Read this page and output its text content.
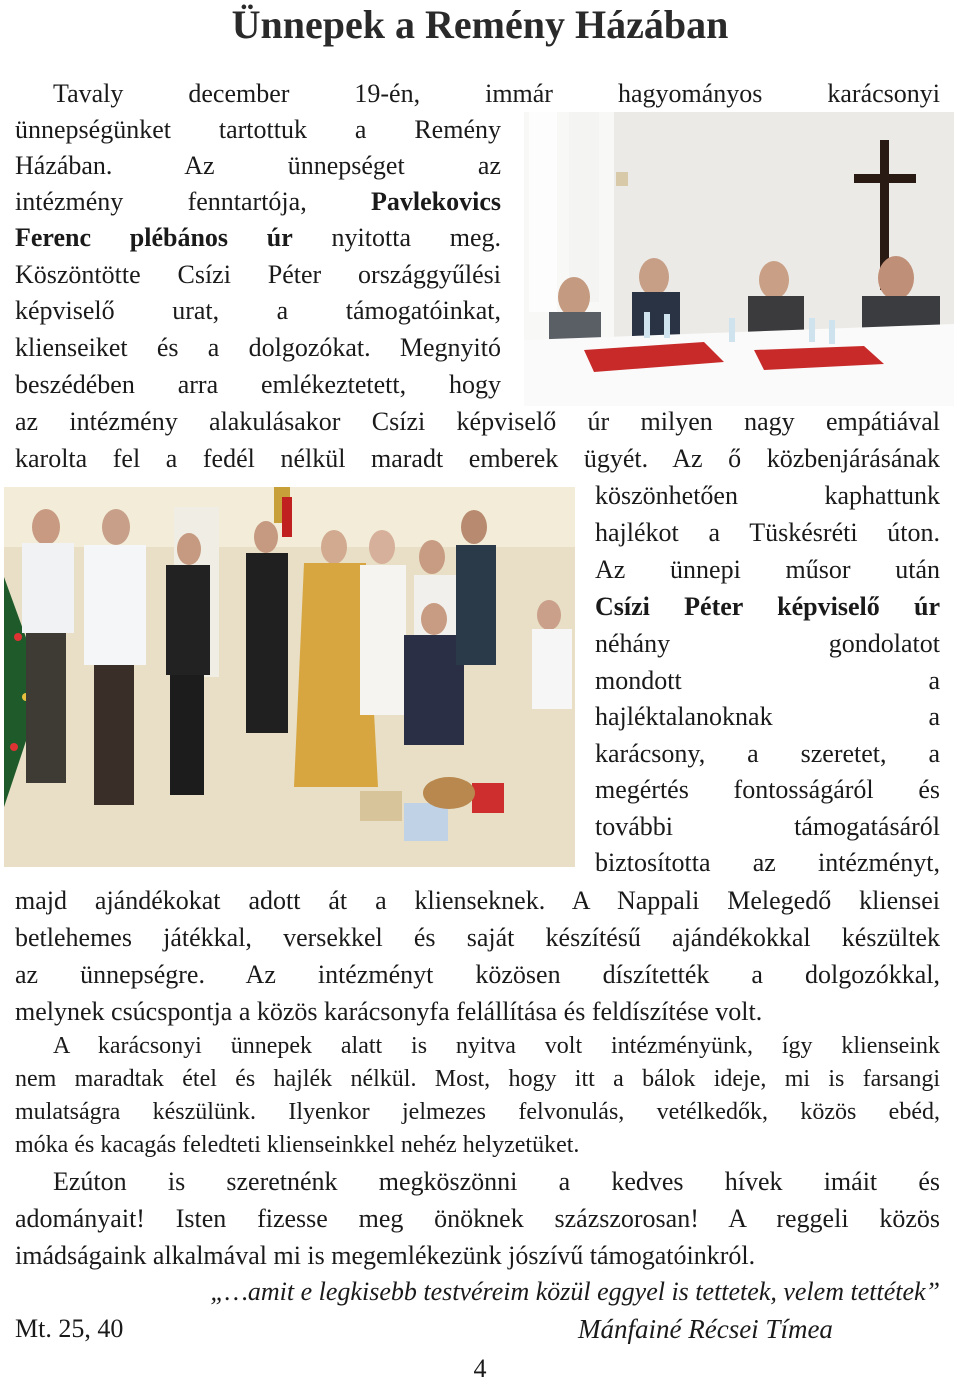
Ünnepek a Remény Házában
Tavaly december 19-én, immár hagyományos karácsonyi
ünnepségünket tartottuk a Remény
Házában. Az ünnepséget az
intézmény fenntartója, Pavlekovics
Ferenc plébános úr nyitotta meg.
Köszöntötte Csízi Péter országgyűlési
képviselő urat, a támogatóinkat,
klienseiket és a dolgozókat. Megnyitó
beszédében arra emlékeztetett, hogy
az intézmény alakulásakor Csízi képviselő úr milyen nagy empátiával
karolta fel a fedél nélkül maradt emberek ügyét. Az ő közbenjárásának
köszönhetően kaphattunk
hajlékot a Tüskésréti úton.
Az ünnepi műsor után
Csízi Péter képviselő úr
néhány gondolatot
mondott a
hajléktalanoknak a
karácsony, a szeretet, a
megértés fontosságáról és
további támogatásáról
biztosította az intézményt,
majd ajándékokat adott át a klienseknek. A Nappali Melegedő kliensei
betlehemes játékkal, versekkel és saját készítésű ajándékokkal készültek
az ünnepségre. Az intézményt közösen díszítették a dolgozókkal,
melynek csúcspontja a közös karácsonyfa felállítása és feldíszítése volt.
A karácsonyi ünnepek alatt is nyitva volt intézményünk, így klienseink
nem maradtak étel és hajlék nélkül. Most, hogy itt a bálok ideje, mi is farsangi
mulatságra készülünk. Ilyenkor jelmezes felvonulás, vetélkedők, közös ebéd,
móka és kacagás feledteti klienseinkkel nehéz helyzetüket.
Ezúton is szeretnénk megköszönni a kedves hívek imáit és
adományait! Isten fizesse meg önöknek százszorosan! A reggeli közös
imádságaink alkalmával mi is megemlékezünk jószívű támogatóinkról.
„…amit e legkisebb testvéreim közül eggyel is tettetek, velem tettétek”
Mt. 25, 40	Mánfainé Récsei Tímea
4
